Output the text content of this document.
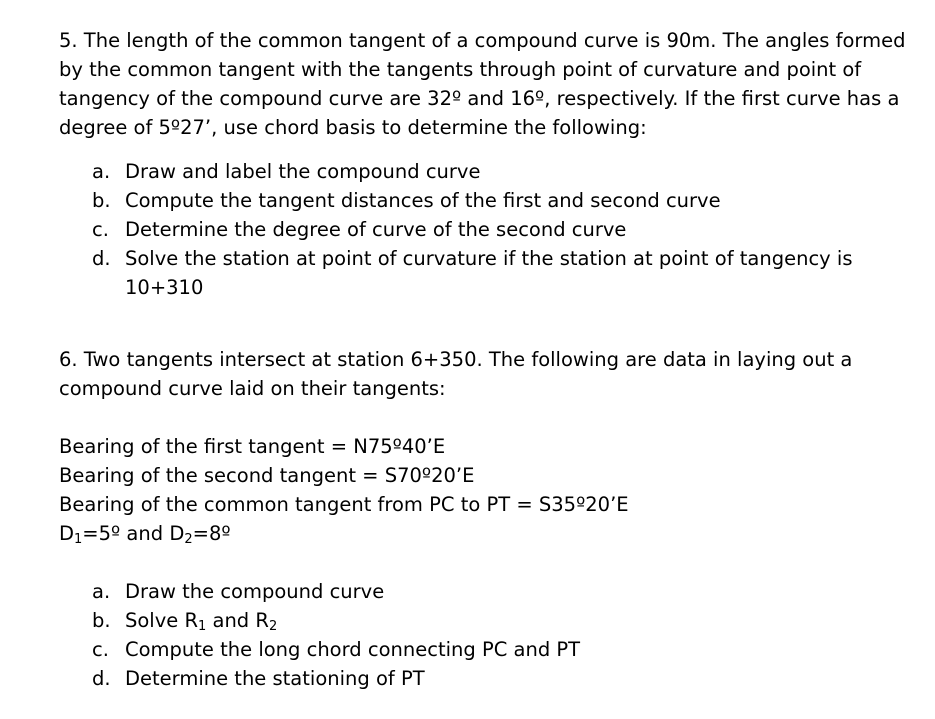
5. The length of the common tangent of a compound curve is 90m. The angles formed by the common tangent with the tangents through point of curvature and point of tangency of the compound curve are 32º and 16º, respectively. If the first curve has a degree of 5º27’, use chord basis to determine the following:

a. Draw and label the compound curve
b. Compute the tangent distances of the first and second curve
c. Determine the degree of curve of the second curve
d. Solve the station at point of curvature if the station at point of tangency is 10+310

6. Two tangents intersect at station 6+350. The following are data in laying out a compound curve laid on their tangents:

Bearing of the first tangent = N75º40’E
Bearing of the second tangent = S70º20’E
Bearing of the common tangent from PC to PT = S35º20’E
$D_1=5º$ and $D_2=8º$
a. Draw the compound curve
b. Solve $R_1$ and $R_2$
c. Compute the long chord connecting PC and PT
d. Determine the stationing of PT
